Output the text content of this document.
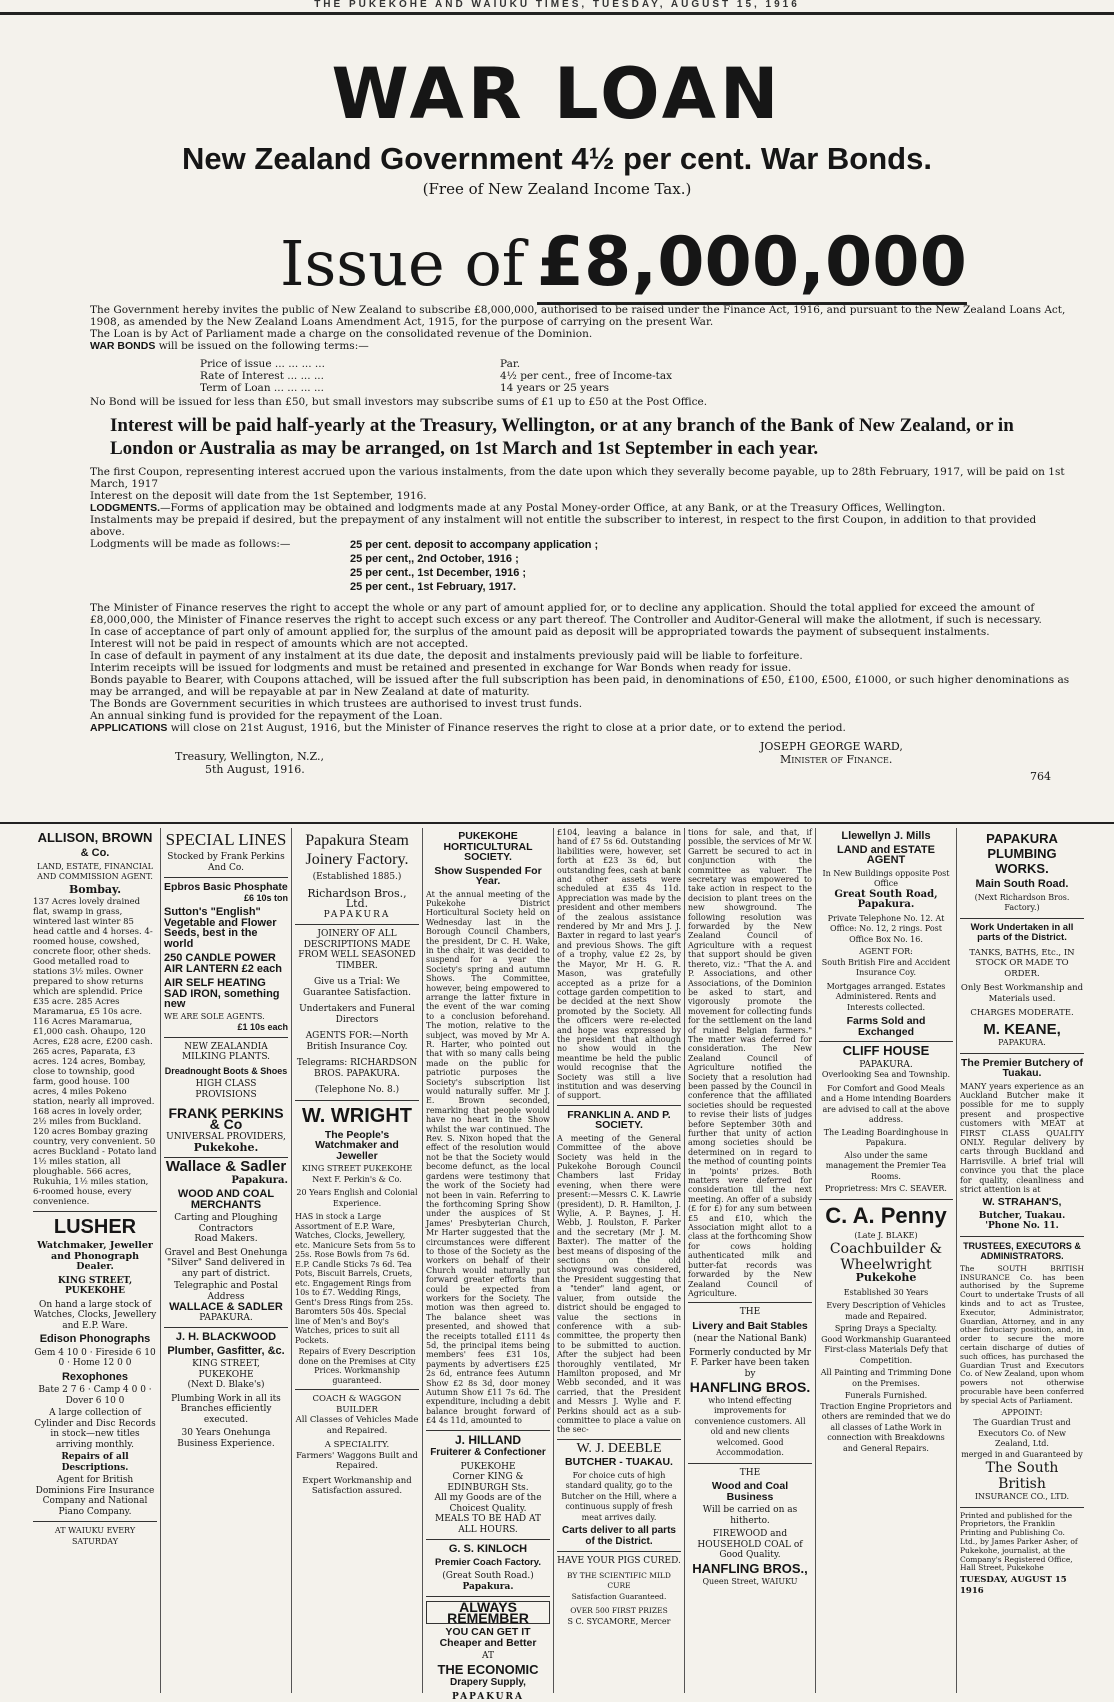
THE PUKEKOHE AND WAIUKU TIMES, TUESDAY, AUGUST 15, 1916
WAR LOAN
New Zealand Government 4½ per cent. War Bonds.
(Free of New Zealand Income Tax.)
Issue of £8,000,000

The Government hereby invites the public of New Zealand to subscribe £8,000,000, authorised to be raised under the Finance Act, 1916, and pursuant to the New Zealand Loans Act, 1908, as amended by the New Zealand Loans Amendment Act, 1915, for the purpose of carrying on the present War.

The Loan is by Act of Parliament made a charge on the consolidated revenue of the Dominion.

WAR BONDS will be issued on the following terms:—

Price of issue ... ... ... ...	Par.
Rate of Interest ... ... ...	4½ per cent., free of Income-tax
Term of Loan ... ... ... ...	14 years or 25 years
No Bond will be issued for less than £50, but small investors may subscribe sums of £1 up to £50 at the Post Office.
Interest will be paid half-yearly at the Treasury, Wellington, or at any branch of the Bank of New Zealand, or in London or Australia as may be arranged, on 1st March and 1st September in each year.

The first Coupon, representing interest accrued upon the various instalments, from the date upon which they severally become payable, up to 28th February, 1917, will be paid on 1st March, 1917

Interest on the deposit will date from the 1st September, 1916.

LODGMENTS.—Forms of application may be obtained and lodgments made at any Postal Money-order Office, at any Bank, or at the Treasury Offices, Wellington.

Instalments may be prepaid if desired, but the prepayment of any instalment will not entitle the subscriber to interest, in respect to the first Coupon, in addition to that provided above.

Lodgments will be made as follows:—	25 per cent. deposit to accompany application ;
25 per cent,, 2nd October, 1916 ;
25 per cent., 1st December, 1916 ;
25 per cent., 1st February, 1917.

The Minister of Finance reserves the right to accept the whole or any part of amount applied for, or to decline any application. Should the total applied for exceed the amount of £8,000,000, the Minister of Finance reserves the right to accept such excess or any part thereof. The Controller and Auditor-General will make the allotment, if such is necessary.

In case of acceptance of part only of amount applied for, the surplus of the amount paid as deposit will be appropriated towards the payment of subsequent instalments.

Interest will not be paid in respect of amounts which are not accepted.

In case of default in payment of any instalment at its due date, the deposit and instalments previously paid will be liable to forfeiture.

Interim receipts will be issued for lodgments and must be retained and presented in exchange for War Bonds when ready for issue.

Bonds payable to Bearer, with Coupons attached, will be issued after the full subscription has been paid, in denominations of £50, £100, £500, £1000, or such higher denominations as may be arranged, and will be repayable at par in New Zealand at date of maturity.

The Bonds are Government securities in which trustees are authorised to invest trust funds.

An annual sinking fund is provided for the repayment of the Loan.

APPLICATIONS will close on 21st August, 1916, but the Minister of Finance reserves the right to close at a prior date, or to extend the period.

Treasury, Wellington, N.Z.,
5th August, 1916.
JOSEPH GEORGE WARD,
Minister of Finance.
764
ALLISON, BROWN
& Co.
LAND, ESTATE, FINANCIAL AND COMMISSION AGENT.
Bombay.

137 Acres lovely drained flat, swamp in grass, wintered last winter 85 head cattle and 4 horses. 4-roomed house, cowshed, concrete floor, other sheds. Good metalled road to stations 3½ miles. Owner prepared to show returns which are splendid. Price £35 acre. 285 Acres Maramarua, £5 10s acre. 116 Acres Maramarua, £1,000 cash. Ohaupo, 120 Acres, £28 acre, £200 cash. 265 acres, Paparata, £3 acres. 124 acres, Bombay, close to township, good farm, good house. 100 acres, 4 miles Pokeno station, nearly all improved. 168 acres in lovely order, 2½ miles from Buckland. 120 acres Bombay grazing country, very convenient. 50 acres Buckland - Potato land 1½ miles station, all ploughable. 566 acres, Rukuhia, 1½ miles station, 6-roomed house, every convenience.

LUSHER
Watchmaker, Jeweller and Phonograph Dealer.
KING STREET, PUKEKOHE

On hand a large stock of Watches, Clocks, Jewellery and E.P. Ware.

Edison Phonographs

Gem 4 10 0 · Fireside 6 10 0 · Home 12 0 0

Rexophones

Bate 2 7 6 · Camp 4 0 0 · Dover 6 10 0

A large collection of Cylinder and Disc Records in stock—new titles arriving monthly.

Repairs of all Descriptions.

Agent for British Dominions Fire Insurance Company and National Piano Company.

AT WAIUKU EVERY SATURDAY

SPECIAL LINES
Stocked by Frank Perkins And Co.
Epbros Basic Phosphate
£6 10s ton
Sutton's "English" Vegetable and Flower Seeds, best in the world
250 CANDLE POWER AIR LANTERN £2 each
AIR SELF HEATING SAD IRON, something new
WE ARE SOLE AGENTS.
£1 10s each
NEW ZEALANDIA MILKING PLANTS.
Dreadnought Boots & Shoes
HIGH CLASS PROVISIONS
FRANK PERKINS & Co
UNIVERSAL PROVIDERS,
Pukekohe.
Wallace & Sadler
Papakura.
WOOD AND COAL MERCHANTS
Carting and Ploughing Contractors
Road Makers.

Gravel and Best Onehunga "Silver" Sand delivered in any part of district.

Telegraphic and Postal Address
WALLACE & SADLER
PAPAKURA.
J. H. BLACKWOOD
Plumber, Gasfitter, &c.
KING STREET, PUKEKOHE
(Next D. Blake's)
Plumbing Work in all its Branches efficiently executed.
30 Years Onehunga Business Experience.
Papakura Steam Joinery Factory.
(Established 1885.)
Richardson Bros., Ltd.
PAPAKURA

JOINERY OF ALL DESCRIPTIONS MADE FROM WELL SEASONED TIMBER.

Give us a Trial: We Guarantee Satisfaction.

Undertakers and Funeral Directors

AGENTS FOR:—North British Insurance Coy.

Telegrams: RICHARDSON BROS. PAPAKURA.

(Telephone No. 8.)

W. WRIGHT
The People's Watchmaker and Jeweller
KING STREET PUKEKOHE
Next F. Perkin's & Co.
20 Years English and Colonial Experience.

HAS in stock a Large Assortment of E.P. Ware, Watches, Clocks, Jewellery, etc. Manicure Sets from 5s to 25s. Rose Bowls from 7s 6d. E.P. Candle Sticks 7s 6d. Tea Pots, Biscuit Barrels, Cruets, etc. Engagement Rings from 10s to £7. Wedding Rings, Gent's Dress Rings from 25s. Baromters 50s 40s. Special line of Men's and Boy's Watches, prices to suit all Pockets.

Repairs of Every Description done on the Premises at City Prices. Workmanship guaranteed.

COACH & WAGGON BUILDER
All Classes of Vehicles Made and Repaired.
A SPECIALITY.
Farmers' Waggons Built and Repaired.
Expert Workmanship and Satisfaction assured.
PUKEKOHE HORTICULTURAL SOCIETY.
Show Suspended For Year.

At the annual meeting of the Pukekohe District Horticultural Society held on Wednesday last in the Borough Council Chambers, the president, Dr C. H. Wake, in the chair, it was decided to suspend for a year the Society's spring and autumn Shows. The Committee, however, being empowered to arrange the latter fixture in the event of the war coming to a conclusion beforehand. The motion, relative to the subject, was moved by Mr A. R. Harter, who pointed out that with so many calls being made on the public for patriotic purposes the Society's subscription list would naturally suffer. Mr J. E. Brown seconded, remarking that people would have no heart in the Show whilst the war continued. The Rev. S. Nixon hoped that the effect of the resolution would not be that the Society would become defunct, as the local gardens were testimony that the work of the Society had not been in vain. Referring to the forthcoming Spring Show under the auspices of St James' Presbyterian Church, Mr Harter suggested that the circumstances were different to those of the Society as the workers on behalf of their Church would naturally put forward greater efforts than could be expected from workers for the Society. The motion was then agreed to. The balance sheet was presented, and showed that the receipts totalled £111 4s 5d, the principal items being members' fees £31 10s, payments by advertisers £25 2s 6d, entrance fees Autumn Show £2 8s 3d, door money Autumn Show £11 7s 6d. The expenditure, including a debit balance brought forward of £4 4s 11d, amounted to

J. HILLAND
Fruiterer & Confectioner
PUKEKOHE
Corner KING & EDINBURGH Sts.
All my Goods are of the Choicest Quality.
MEALS TO BE HAD AT ALL HOURS.
G. S. KINLOCH
Premier Coach Factory.
(Great South Road.)
Papakura.
ALWAYS REMEMBER
YOU CAN GET IT Cheaper and Better
AT
THE ECONOMIC
Drapery Supply,
PAPAKURA

£104, leaving a balance in hand of £7 5s 6d. Outstanding liabilities were, however, set forth at £23 3s 6d, but outstanding fees, cash at bank and other assets were scheduled at £35 4s 11d. Appreciation was made by the president and other members of the zealous assistance rendered by Mr and Mrs J. J. Baxter in regard to last year's and previous Shows. The gift of a trophy, value £2 2s, by the Mayor, Mr H. G. R. Mason, was gratefully accepted as a prize for a cottage garden competition to be decided at the next Show promoted by the Society. All the officers were re-elected and hope was expressed by the president that although no show would in the meantime be held the public would recognise that the Society was still a live institution and was deserving of support.

FRANKLIN A. AND P. SOCIETY.

A meeting of the General Committee of the above Society was held in the Pukekohe Borough Council Chambers last Friday evening, when there were present:—Messrs C. K. Lawrie (president), D. R. Hamilton, J. Wylie, A. P. Baynes, J. H. Webb, J. Roulston, F. Parker and the secretary (Mr J. M. Baxter). The matter of the best means of disposing of the sections on the old showground was considered, the President suggesting that a "tender" land agent, or valuer, from outside the district should be engaged to value the sections in conference with a sub-committee, the property then to be submitted to auction. After the subject had been thoroughly ventilated, Mr Hamilton proposed, and Mr Webb seconded, and it was carried, that the President and Messrs J. Wylie and F. Perkins should act as a sub-committee to place a value on the sec-

W. J. DEEBLE
BUTCHER - TUAKAU.

For choice cuts of high standard quality, go to the Butcher on the Hill, where a continuous supply of fresh meat arrives daily.

Carts deliver to all parts of the District.
HAVE YOUR PIGS CURED.
BY THE SCIENTIFIC MILD CURE
Satisfaction Guaranteed.
OVER 500 FIRST PRIZES
S C. SYCAMORE, Mercer

tions for sale, and that, if possible, the services of Mr W. Garrett be secured to act in conjunction with the committee as valuer. The secretary was empowered to take action in respect to the decision to plant trees on the new showground. The following resolution was forwarded by the New Zealand Council of Agriculture with a request that support should be given thereto, viz.: "That the A. and P. Associations, and other Associations, of the Dominion be asked to start, and vigorously promote the movement for collecting funds for the settlement on the land of ruined Belgian farmers." The matter was deferred for consideration. The New Zealand Council of Agriculture notified the Society that a resolution had been passed by the Council in conference that the affiliated societies should be requested to revise their lists of judges before September 30th and further that unity of action among societies should be determined on in regard to the method of counting points in 'points' prizes. Both matters were deferred for consideration till the next meeting. An offer of a subsidy (£ for £) for any sum between £5 and £10, which the Association might allot to a class at the forthcoming Show for cows holding authenticated milk and butter-fat records was forwarded by the New Zealand Council of Agriculture.

THE
Livery and Bait Stables
(near the National Bank)

Formerly conducted by Mr F. Parker have been taken by

HANFLING BROS.

who intend effecting improvements for convenience customers. All old and new clients welcomed. Good Accommodation.

THE
Wood and Coal Business
Will be carried on as hitherto.

FIREWOOD and HOUSEHOLD COAL of Good Quality.

HANFLING BROS.,
Queen Street, WAIUKU
Llewellyn J. Mills
LAND and ESTATE AGENT
In New Buildings opposite Post Office
Great South Road, Papakura.

Private Telephone No. 12. At Office: No. 12, 2 rings. Post Office Box No. 16.

AGENT FOR:
South British Fire and Accident Insurance Coy.

Mortgages arranged. Estates Administered. Rents and Interests collected.

Farms Sold and Exchanged
CLIFF HOUSE
PAPAKURA.
Overlooking Sea and Township.

For Comfort and Good Meals and a Home intending Boarders are advised to call at the above address.

The Leading Boardinghouse in Papakura.

Also under the same management the Premier Tea Rooms.

Proprietress: Mrs C. SEAVER.
C. A. Penny
(Late J. BLAKE)
Coachbuilder & Wheelwright
Pukekohe
Established 30 Years

Every Description of Vehicles made and Repaired.

Spring Drays a Specialty.
Good Workmanship Guaranteed

First-class Materials Defy that Competition.

All Painting and Trimming Done on the Premises.

Funerals Furnished.

Traction Engine Proprietors and others are reminded that we do all classes of Lathe Work in connection with Breakdowns and General Repairs.

PAPAKURA PLUMBING WORKS.
Main South Road.
(Next Richardson Bros. Factory.)
Work Undertaken in all parts of the District.
TANKS, BATHS, Etc., IN STOCK OR MADE TO ORDER.
Only Best Workmanship and Materials used.
CHARGES MODERATE.
M. KEANE,
PAPAKURA.
The Premier Butchery of Tuakau.

MANY years experience as an Auckland Butcher make it possible for me to supply present and prospective customers with MEAT at FIRST CLASS QUALITY ONLY. Regular delivery by carts through Buckland and Harrisville. A brief trial will convince you that the place for quality, cleanliness and strict attention is at

W. STRAHAN'S,
Butcher, Tuakau.
'Phone No. 11.
TRUSTEES, EXECUTORS & ADMINISTRATORS.

The SOUTH BRITISH INSURANCE Co. has been authorised by the Supreme Court to undertake Trusts of all kinds and to act as Trustee, Executor, Administrator, Guardian, Attorney, and in any other fiduciary position, and, in order to secure the more certain discharge of duties of such offices, has purchased the Guardian Trust and Executors Co. of New Zealand, upon whom powers not otherwise procurable have been conferred by special Acts of Parliament.

APPOINT:
The Guardian Trust and Executors Co. of New Zealand, Ltd.
merged in and Guaranteed by
The South British
INSURANCE CO., LTD.

Printed and published for the Proprietors, the Franklin Printing and Publishing Co. Ltd., by James Parker Asher, of Pukekohe, journalist, at the Company's Registered Office, Hall Street, Pukekohe

TUESDAY, AUGUST 15 1916
